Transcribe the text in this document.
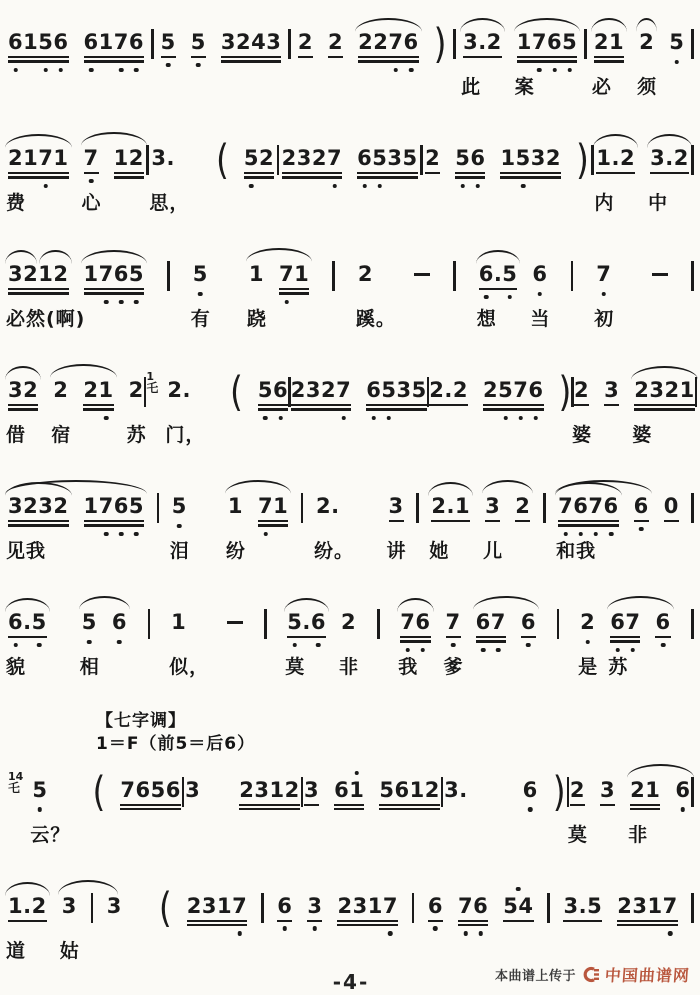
6 1 5 6 6 1 7 6 5 5 3 2 4 3 2 2 2 2 7 6 ) 3 . 2
此
1 7 6 5
案
2 1
必
2
须
5
2 1 7 1
费
7
心
1 2 3 .
思，
( 5 2 2 3 2 7 6 5 3 5 2 5 6 1 5 3 2 ) 1 . 2
内
3 . 2
中
3 2 1 2
必然(啊)
1 7 6 5 5
有
1
跷
7 1 2
蹊。
6 . 5
想
6
当
7
初
3 2
借
2
宿
2 1 2
苏
1
乇 2 .
门，
( 5 6 2 3 2 7 6 5 3 5 2 . 2 2 5 7 6 ) 2
婆
3 2 3 2 1
婆
3 2 3 2
见我
1 7 6 5 5
泪
1
纷
7 1 2 .
纷。
3
讲
2 . 1
她
3
儿
2 7 6 7 6
和我
6 0
6 . 5
貌
5
相
6 1
似，
5 . 6
莫
2
非
7 6
我
7
爹
6 7 6 2
是
6 7
苏
6
【七字调】
1＝F（前5＝后6）
14
乇 5
云？
( 7 6 5 6 3 2 3 1 2 3 6 1 5 6 1 2 3 .	6 ) 2
莫
3 2 1
非
6
1 . 2
道
3
姑
3 ( 2 3 1 7 6 3 2 3 1 7 6 7 6 5 4 3 . 5 2 3 1 7
-4-	本曲谱上传于 中国曲谱网
